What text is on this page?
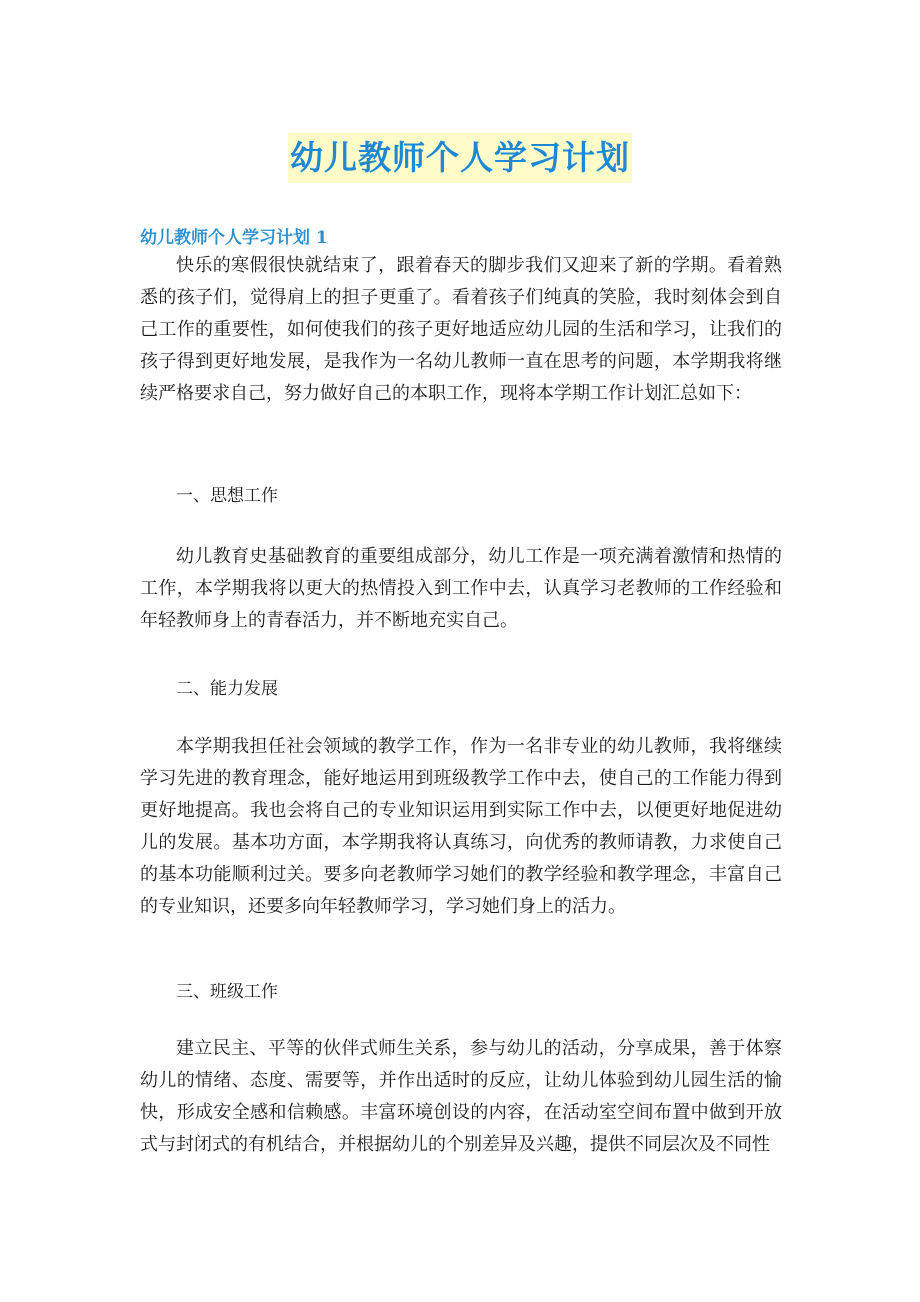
幼儿教师个人学习计划
幼儿教师个人学习计划 1

快乐的寒假很快就结束了，跟着春天的脚步我们又迎来了新的学期。看着熟悉的孩子们，觉得肩上的担子更重了。看着孩子们纯真的笑脸，我时刻体会到自己工作的重要性，如何使我们的孩子更好地适应幼儿园的生活和学习，让我们的孩子得到更好地发展，是我作为一名幼儿教师一直在思考的问题，本学期我将继续严格要求自己，努力做好自己的本职工作，现将本学期工作计划汇总如下：

一、思想工作

幼儿教育史基础教育的重要组成部分，幼儿工作是一项充满着激情和热情的工作，本学期我将以更大的热情投入到工作中去，认真学习老教师的工作经验和年轻教师身上的青春活力，并不断地充实自己。

二、能力发展

本学期我担任社会领域的教学工作，作为一名非专业的幼儿教师，我将继续学习先进的教育理念，能好地运用到班级教学工作中去，使自己的工作能力得到更好地提高。我也会将自己的专业知识运用到实际工作中去，以便更好地促进幼儿的发展。基本功方面，本学期我将认真练习，向优秀的教师请教，力求使自己的基本功能顺利过关。要多向老教师学习她们的教学经验和教学理念，丰富自己的专业知识，还要多向年轻教师学习，学习她们身上的活力。

三、班级工作

建立民主、平等的伙伴式师生关系，参与幼儿的活动，分享成果，善于体察幼儿的情绪、态度、需要等，并作出适时的反应，让幼儿体验到幼儿园生活的愉快，形成安全感和信赖感。丰富环境创设的内容，在活动室空间布置中做到开放式与封闭式的有机结合，并根据幼儿的个别差异及兴趣，提供不同层次及不同性
